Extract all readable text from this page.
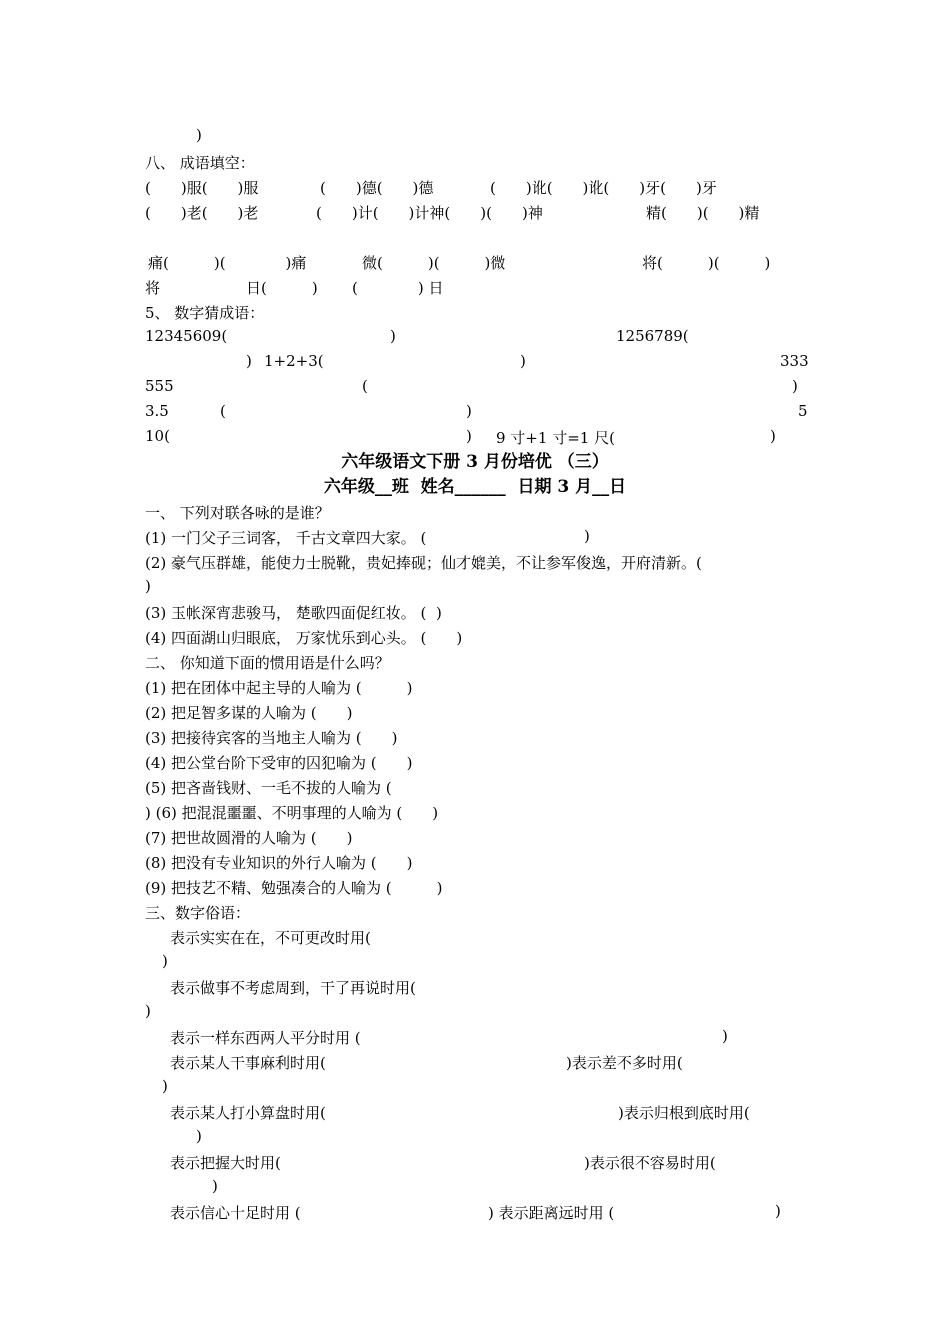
)
八、 成语填空：
(　　)服(　　)服	(　　)德(　　)德	(　　)讹(　　)讹(　　)牙(　　)牙
(　　)老(　　)老	(　　)计(　　)计神(　　)(　　)神	精(　　)(　　)精
痛(　　　)(　　　　)痛	微(　　　)(　　　)微	将(　　　)(　　　)
将	日(　　　) (　　　　) 日
5、 数字猜成语：
12345609(	)	1256789(
) 1+2+3(	)	333
555	(	)
3.5	(	)	5
10(	) 9 寸+1 寸=1 尺(	)
六年级语文下册 3 月份培优 （三）
六年级__班  姓名______  日期 3 月__日
一、 下列对联各咏的是谁？
(1) 一门父子三词客， 千古文章四大家。 (	)
(2) 豪气压群雄，能使力士脱靴，贵妃捧砚；仙才媲美，不让参军俊逸，开府清新。(
)
(3) 玉帐深宵悲骏马， 楚歌四面促红妆。 (  )
(4) 四面湖山归眼底， 万家忧乐到心头。 (　　)
二、 你知道下面的惯用语是什么吗？
(1) 把在团体中起主导的人喻为 (　　　)
(2) 把足智多谋的人喻为 (　　)
(3) 把接待宾客的当地主人喻为 (　　)
(4) 把公堂台阶下受审的囚犯喻为 (　　)
(5) 把吝啬钱财、一毛不拔的人喻为 (
) (6) 把混混噩噩、不明事理的人喻为 (　　)
(7) 把世故圆滑的人喻为 (　　)
(8) 把没有专业知识的外行人喻为 (　　)
(9) 把技艺不精、勉强凑合的人喻为 (　　　)
三、数字俗语：
表示实实在在，不可更改时用(
)
表示做事不考虑周到，干了再说时用(
)
表示一样东西两人平分时用 (	)
表示某人干事麻利时用(	)表示差不多时用(
)
表示某人打小算盘时用(	)表示归根到底时用(
)
表示把握大时用(	)表示很不容易时用(
)
表示信心十足时用 (	) 表示距离远时用 (	)
